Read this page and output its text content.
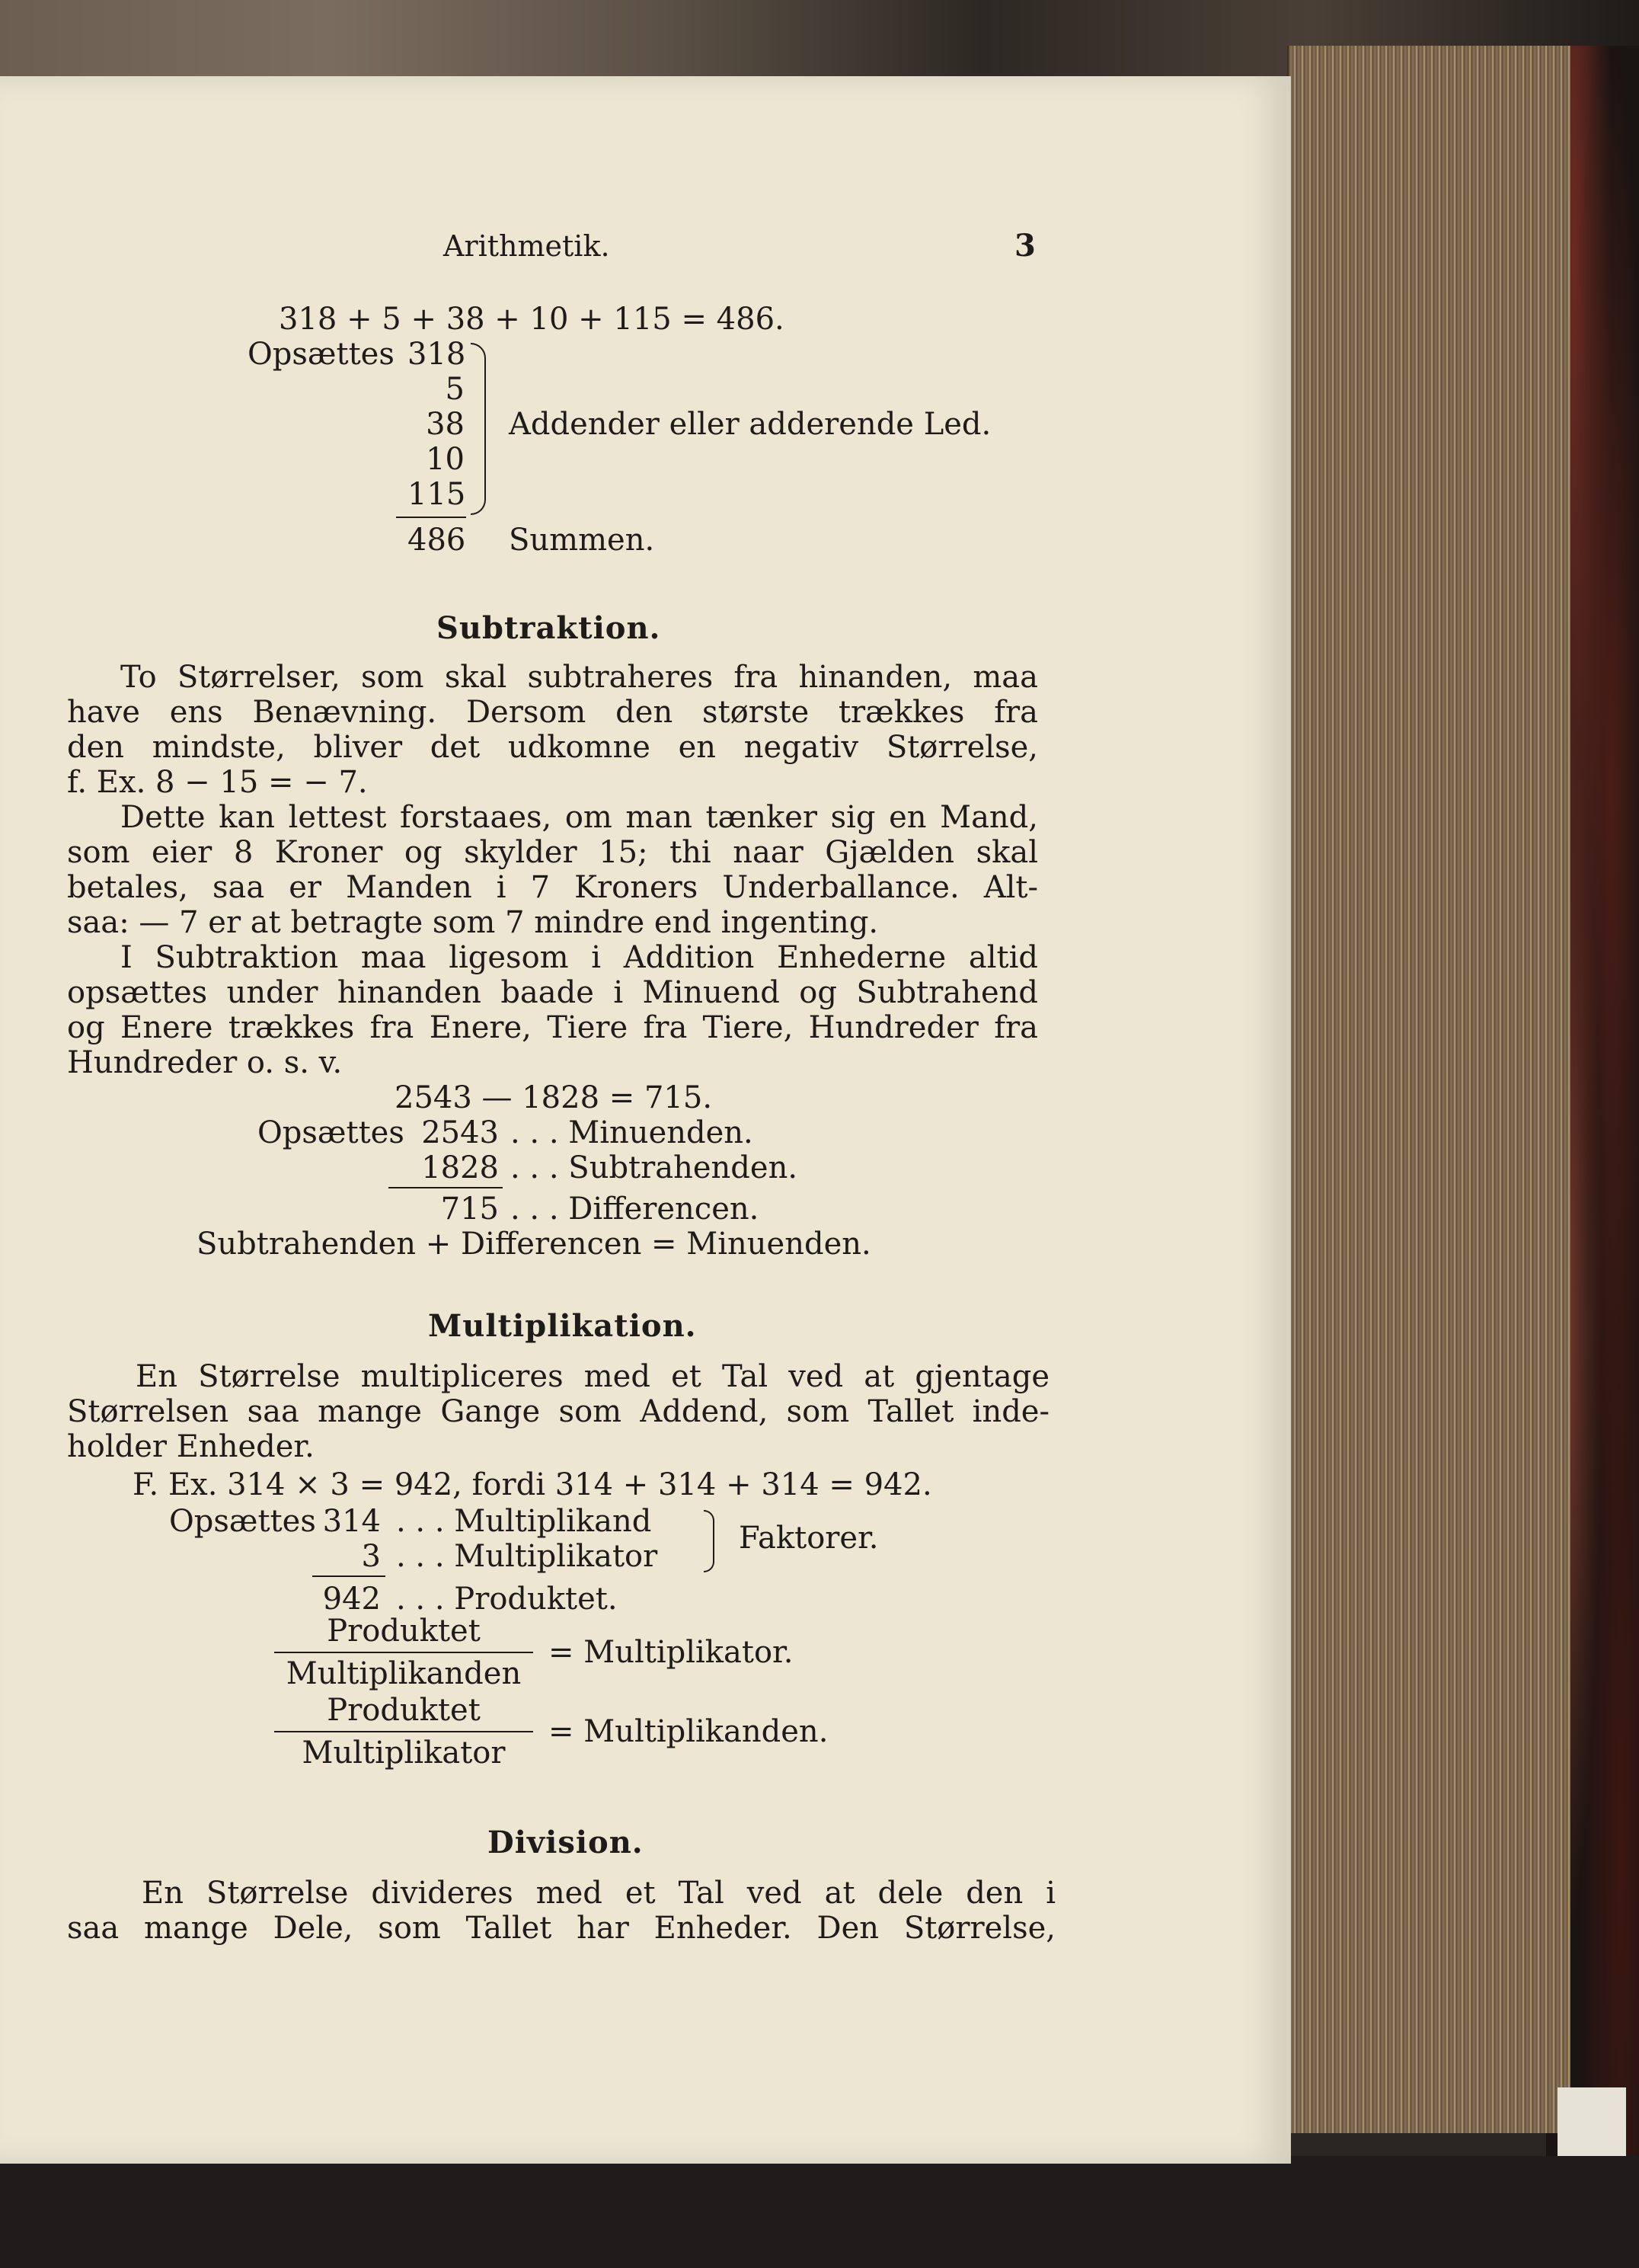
Arithmetik.	3
318 + 5 + 38 + 10 + 115 = 486.
Opsættes 318
5
38
10
115
Addender eller adderende Led.
486 Summen.
Subtraktion.
To Størrelser, som skal subtraheres fra hinanden, maa
have ens Benævning. Dersom den største trækkes fra
den mindste, bliver det udkomne en negativ Størrelse,
f. Ex. 8 − 15 = − 7.
Dette kan lettest forstaaes, om man tænker sig en Mand,
som eier 8 Kroner og skylder 15; thi naar Gjælden skal
betales, saa er Manden i 7 Kroners Underballance. Alt-
saa: — 7 er at betragte som 7 mindre end ingenting.
I Subtraktion maa ligesom i Addition Enhederne altid
opsættes under hinanden baade i Minuend og Subtrahend
og Enere trækkes fra Enere, Tiere fra Tiere, Hundreder fra
Hundreder o. s. v.
2543 — 1828 = 715.
Opsættes 2543 . . . Minuenden.
1828 . . . Subtrahenden.
715 . . . Differencen.
Subtrahenden + Differencen = Minuenden.
Multiplikation.
En Størrelse multipliceres med et Tal ved at gjentage
Størrelsen saa mange Gange som Addend, som Tallet inde-
holder Enheder.
F. Ex. 314 × 3 = 942, fordi 314 + 314 + 314 = 942.
Opsættes 314 . . . Multiplikand
3 . . . Multiplikator
Faktorer.
942 . . . Produktet.
Produktet
Multiplikanden
= Multiplikator.
Produktet
Multiplikator
= Multiplikanden.
Division.
En Størrelse divideres med et Tal ved at dele den i
saa mange Dele, som Tallet har Enheder. Den Størrelse,
